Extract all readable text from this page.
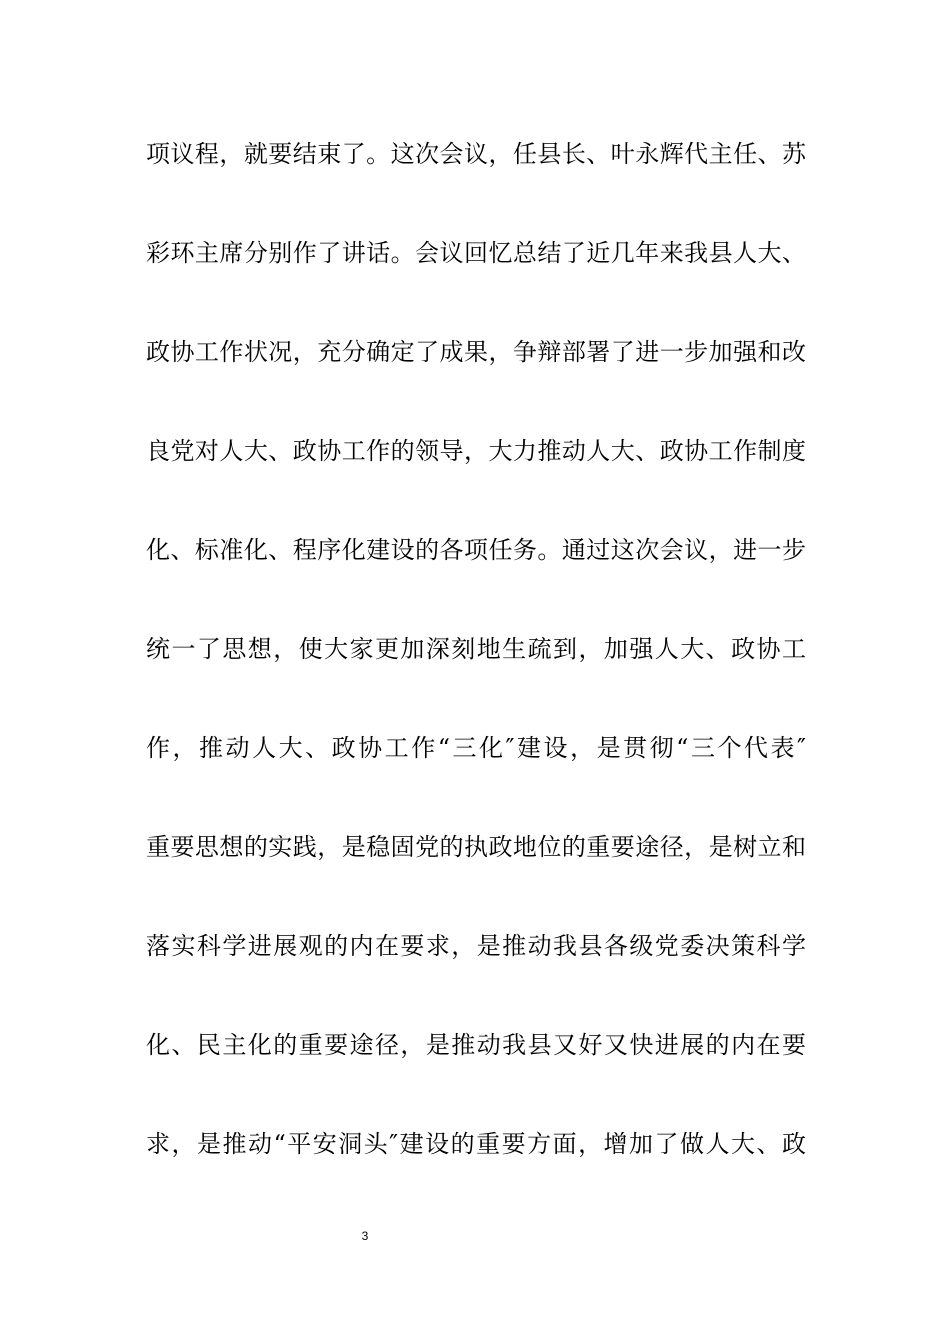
项议程，就要结束了。这次会议，任县长、叶永辉代主任、苏
彩环主席分别作了讲话。会议回忆总结了近几年来我县人大、
政协工作状况，充分确定了成果，争辩部署了进一步加强和改
良党对人大、政协工作的领导，大力推动人大、政协工作制度
化、标准化、程序化建设的各项任务。通过这次会议，进一步
统一了思想，使大家更加深刻地生疏到，加强人大、政协工
作，推动人大、政协工作“三化″建设，是贯彻“三个代表″
重要思想的实践，是稳固党的执政地位的重要途径，是树立和
落实科学进展观的内在要求，是推动我县各级党委决策科学
化、民主化的重要途径，是推动我县又好又快进展的内在要
求，是推动“平安洞头″建设的重要方面，增加了做人大、政
3
